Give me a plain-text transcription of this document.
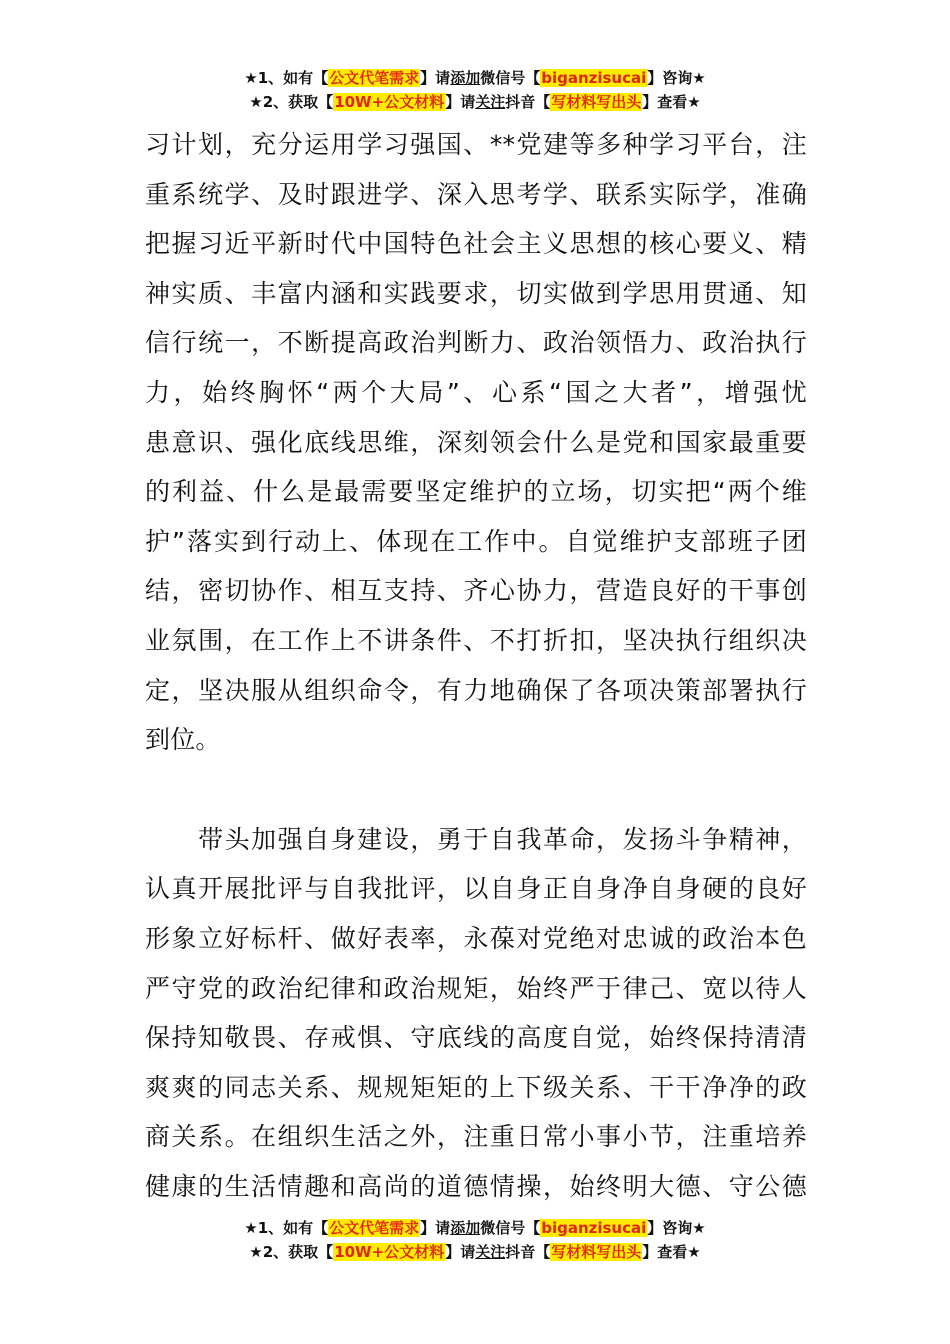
★1、如有【公文代笔需求】请添加微信号【biganzisucai】咨询★
★2、获取【10W+公文材料】请关注抖音【写材料写出头】查看★
习计划，充分运用学习强国、**党建等多种学习平台，注
重系统学、及时跟进学、深入思考学、联系实际学，准确
把握习近平新时代中国特色社会主义思想的核心要义、精
神实质、丰富内涵和实践要求，切实做到学思用贯通、知
信行统一，不断提高政治判断力、政治领悟力、政治执行
力，始终胸怀“两个大局”、心系“国之大者”，增强忧
患意识、强化底线思维，深刻领会什么是党和国家最重要
的利益、什么是最需要坚定维护的立场，切实把“两个维
护”落实到行动上、体现在工作中。自觉维护支部班子团
结，密切协作、相互支持、齐心协力，营造良好的干事创
业氛围，在工作上不讲条件、不打折扣，坚决执行组织决
定，坚决服从组织命令，有力地确保了各项决策部署执行
到位。
　　带头加强自身建设，勇于自我革命，发扬斗争精神，
认真开展批评与自我批评，以自身正自身净自身硬的良好
形象立好标杆、做好表率，永葆对党绝对忠诚的政治本色
严守党的政治纪律和政治规矩，始终严于律己、宽以待人
保持知敬畏、存戒惧、守底线的高度自觉，始终保持清清
爽爽的同志关系、规规矩矩的上下级关系、干干净净的政
商关系。在组织生活之外，注重日常小事小节，注重培养
健康的生活情趣和高尚的道德情操，始终明大德、守公德
★1、如有【公文代笔需求】请添加微信号【biganzisucai】咨询★
★2、获取【10W+公文材料】请关注抖音【写材料写出头】查看★
